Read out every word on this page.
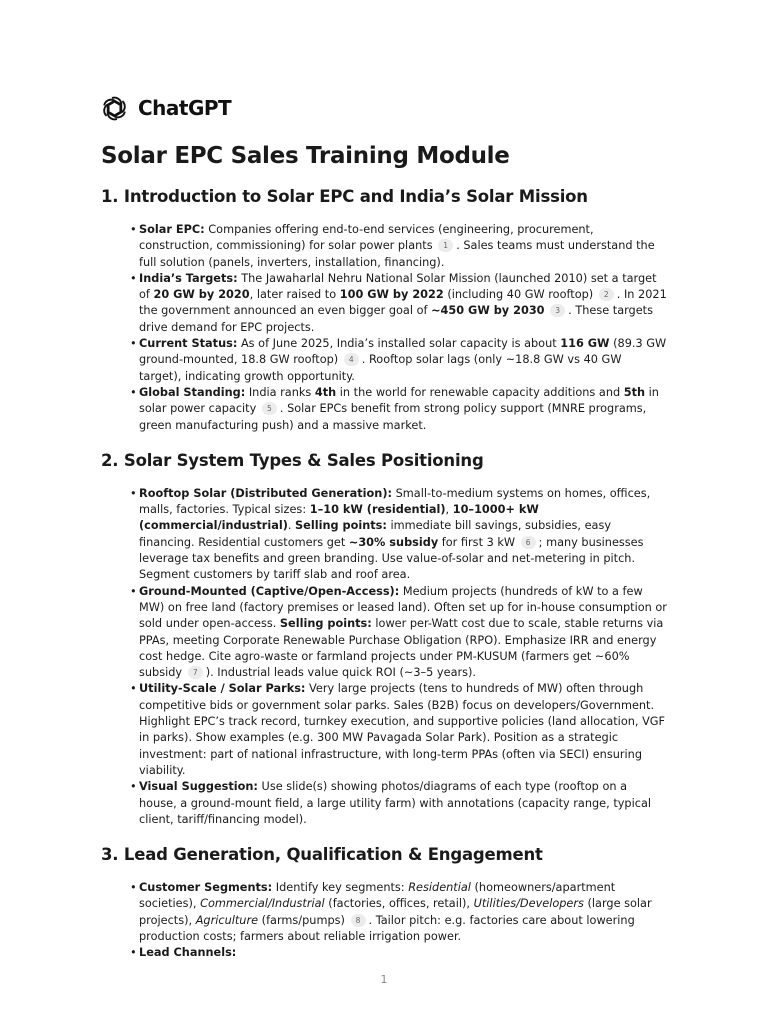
ChatGPT
Solar EPC Sales Training Module
1. Introduction to Solar EPC and India’s Solar Mission
• Solar EPC: Companies offering end-to-end services (engineering, procurement, construction, commissioning) for solar power plants 1 . Sales teams must understand the full solution (panels, inverters, installation, financing).
• India’s Targets: The Jawaharlal Nehru National Solar Mission (launched 2010) set a target of 20 GW by 2020, later raised to 100 GW by 2022 (including 40 GW rooftop) 2 . In 2021 the government announced an even bigger goal of ~450 GW by 2030 3 . These targets drive demand for EPC projects.
• Current Status: As of June 2025, India’s installed solar capacity is about 116 GW (89.3 GW ground-mounted, 18.8 GW rooftop) 4 . Rooftop solar lags (only ~18.8 GW vs 40 GW target), indicating growth opportunity.
• Global Standing: India ranks 4th in the world for renewable capacity additions and 5th in solar power capacity 5 . Solar EPCs benefit from strong policy support (MNRE programs, green manufacturing push) and a massive market.
2. Solar System Types & Sales Positioning
• Rooftop Solar (Distributed Generation): Small-to-medium systems on homes, offices, malls, factories. Typical sizes: 1–10 kW (residential), 10–1000+ kW (commercial/industrial). Selling points: immediate bill savings, subsidies, easy financing. Residential customers get ~30% subsidy for first 3 kW 6 ; many businesses leverage tax benefits and green branding. Use value-of-solar and net-metering in pitch. Segment customers by tariff slab and roof area.
• Ground-Mounted (Captive/Open-Access): Medium projects (hundreds of kW to a few MW) on free land (factory premises or leased land). Often set up for in-house consumption or sold under open-access. Selling points: lower per-Watt cost due to scale, stable returns via PPAs, meeting Corporate Renewable Purchase Obligation (RPO). Emphasize IRR and energy cost hedge. Cite agro-waste or farmland projects under PM-KUSUM (farmers get ~60% subsidy 7 ). Industrial leads value quick ROI (~3–5 years).
• Utility-Scale / Solar Parks: Very large projects (tens to hundreds of MW) often through competitive bids or government solar parks. Sales (B2B) focus on developers/Government. Highlight EPC’s track record, turnkey execution, and supportive policies (land allocation, VGF in parks). Show examples (e.g. 300 MW Pavagada Solar Park). Position as a strategic investment: part of national infrastructure, with long-term PPAs (often via SECI) ensuring viability.
• Visual Suggestion: Use slide(s) showing photos/diagrams of each type (rooftop on a house, a ground-mount field, a large utility farm) with annotations (capacity range, typical client, tariff/financing model).
3. Lead Generation, Qualification & Engagement
• Customer Segments: Identify key segments: Residential (homeowners/apartment societies), Commercial/Industrial (factories, offices, retail), Utilities/Developers (large solar projects), Agriculture (farms/pumps) 8 . Tailor pitch: e.g. factories care about lowering production costs; farmers about reliable irrigation power.
• Lead Channels:
1
